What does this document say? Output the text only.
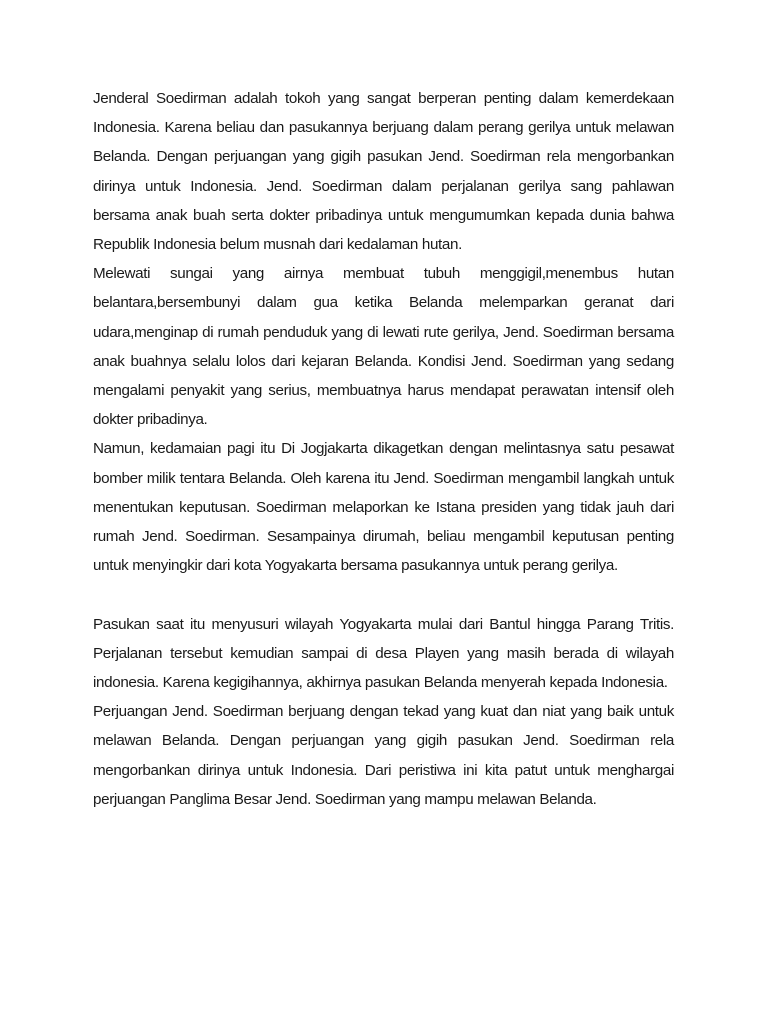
Jenderal Soedirman adalah tokoh yang sangat berperan penting dalam kemerdekaan Indonesia. Karena beliau dan pasukannya berjuang dalam perang gerilya untuk melawan Belanda. Dengan perjuangan yang gigih pasukan Jend. Soedirman rela mengorbankan dirinya untuk Indonesia. Jend. Soedirman dalam perjalanan gerilya sang pahlawan bersama anak buah serta dokter pribadinya untuk mengumumkan kepada dunia bahwa Republik Indonesia belum musnah dari kedalaman hutan.

Melewati sungai yang airnya membuat tubuh menggigil,menembus hutan belantara,bersembunyi dalam gua ketika Belanda melemparkan geranat dari udara,menginap di rumah penduduk yang di lewati rute gerilya, Jend. Soedirman bersama anak buahnya selalu lolos dari kejaran Belanda. Kondisi Jend. Soedirman yang sedang mengalami penyakit yang serius, membuatnya harus mendapat perawatan intensif oleh dokter pribadinya.

Namun, kedamaian pagi itu Di Jogjakarta dikagetkan dengan melintasnya satu pesawat bomber milik tentara Belanda. Oleh karena itu Jend. Soedirman mengambil langkah untuk menentukan keputusan. Soedirman melaporkan ke Istana presiden yang tidak jauh dari rumah Jend. Soedirman. Sesampainya dirumah, beliau mengambil keputusan penting untuk menyingkir dari kota Yogyakarta bersama pasukannya untuk perang gerilya.

Pasukan saat itu menyusuri wilayah Yogyakarta mulai dari Bantul hingga Parang Tritis. Perjalanan tersebut kemudian sampai di desa Playen yang masih berada di wilayah indonesia. Karena kegigihannya, akhirnya pasukan Belanda menyerah kepada Indonesia.

Perjuangan Jend. Soedirman berjuang dengan tekad yang kuat dan niat yang baik untuk melawan Belanda. Dengan perjuangan yang gigih pasukan Jend. Soedirman rela mengorbankan dirinya untuk Indonesia. Dari peristiwa ini kita patut untuk menghargai perjuangan Panglima Besar Jend. Soedirman yang mampu melawan Belanda.
